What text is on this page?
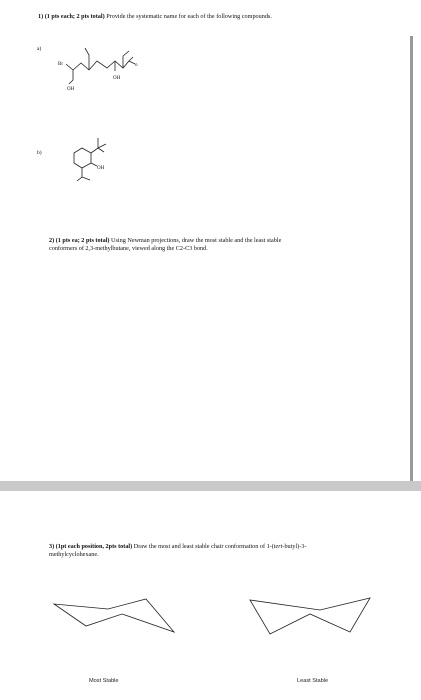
1) (1 pts each; 2 pts total) Provide the systematic name for each of the following compounds.
a)
Br
OH
OH
o
b)
OH
2) (1 pts ea; 2 pts total) Using Newman projections, draw the most stable and the least stable
conformers of 2,3-methylbutane, viewed along the C2-C3 bond.
3) (1pt each position, 2pts total) Draw the most and least stable chair conformation of 1-(tert-butyl)-3-
methylcyclohexane.
Most Stable	Least Stable
